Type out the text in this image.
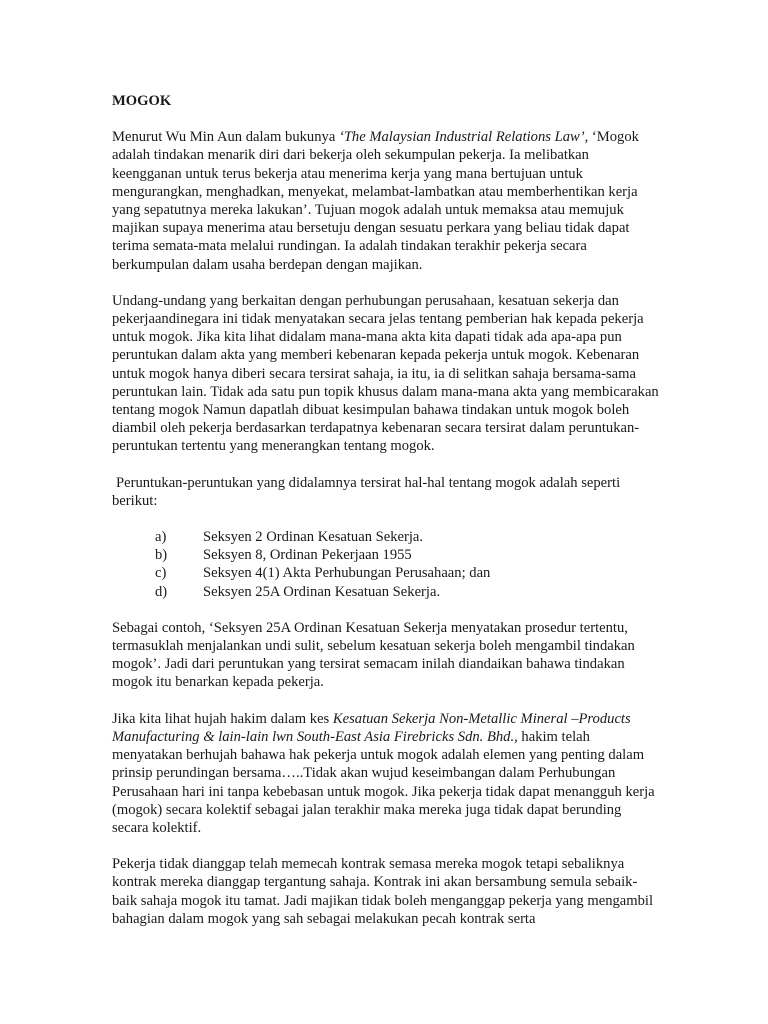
MOGOK

Menurut Wu Min Aun dalam bukunya ‘The Malaysian Industrial Relations Law’, ‘Mogok adalah tindakan menarik diri dari bekerja oleh sekumpulan pekerja. Ia melibatkan keengganan untuk terus bekerja atau menerima kerja yang mana bertujuan untuk mengurangkan, menghadkan, menyekat, melambat-lambatkan atau memberhentikan kerja yang sepatutnya mereka lakukan’. Tujuan mogok adalah untuk memaksa atau memujuk majikan supaya menerima atau bersetuju dengan sesuatu perkara yang beliau tidak dapat terima semata-mata melalui rundingan. Ia adalah tindakan terakhir pekerja secara berkumpulan dalam usaha berdepan dengan majikan.

Undang-undang yang berkaitan dengan perhubungan perusahaan, kesatuan sekerja dan pekerjaandinegara ini tidak menyatakan secara jelas tentang pemberian hak kepada pekerja untuk mogok. Jika kita lihat didalam mana-mana akta kita dapati tidak ada apa-apa pun peruntukan dalam akta yang memberi kebenaran kepada pekerja untuk mogok. Kebenaran untuk mogok hanya diberi secara tersirat sahaja, ia itu, ia di selitkan sahaja bersama-sama peruntukan lain. Tidak ada satu pun topik khusus dalam mana-mana akta yang membicarakan tentang mogok Namun dapatlah dibuat kesimpulan bahawa tindakan untuk mogok boleh diambil oleh pekerja berdasarkan terdapatnya kebenaran secara tersirat dalam peruntukan-peruntukan tertentu yang menerangkan tentang mogok.

Peruntukan-peruntukan yang didalamnya tersirat hal-hal tentang mogok adalah seperti berikut:

a)	Seksyen 2 Ordinan Kesatuan Sekerja.
b) Seksyen 8, Ordinan Pekerjaan 1955
c)	Seksyen 4(1) Akta Perhubungan Perusahaan; dan
d) Seksyen 25A Ordinan Kesatuan Sekerja.

Sebagai contoh, ‘Seksyen 25A Ordinan Kesatuan Sekerja menyatakan prosedur tertentu, termasuklah menjalankan undi sulit, sebelum kesatuan sekerja boleh mengambil tindakan mogok’. Jadi dari peruntukan yang tersirat semacam inilah diandaikan bahawa tindakan mogok itu benarkan kepada pekerja.

Jika kita lihat hujah hakim dalam kes Kesatuan Sekerja Non-Metallic Mineral –Products Manufacturing & lain-lain lwn South-East Asia Firebricks Sdn. Bhd., hakim telah menyatakan berhujah bahawa hak pekerja untuk mogok adalah elemen yang penting dalam prinsip perundingan bersama…..Tidak akan wujud keseimbangan dalam Perhubungan Perusahaan hari ini tanpa kebebasan untuk mogok. Jika pekerja tidak dapat menangguh kerja (mogok) secara kolektif sebagai jalan terakhir maka mereka juga tidak dapat berunding secara kolektif.

Pekerja tidak dianggap telah memecah kontrak semasa mereka mogok tetapi sebaliknya kontrak mereka dianggap tergantung sahaja. Kontrak ini akan bersambung semula sebaik-baik sahaja mogok itu tamat. Jadi majikan tidak boleh menganggap pekerja yang mengambil bahagian dalam mogok yang sah sebagai melakukan pecah kontrak serta
